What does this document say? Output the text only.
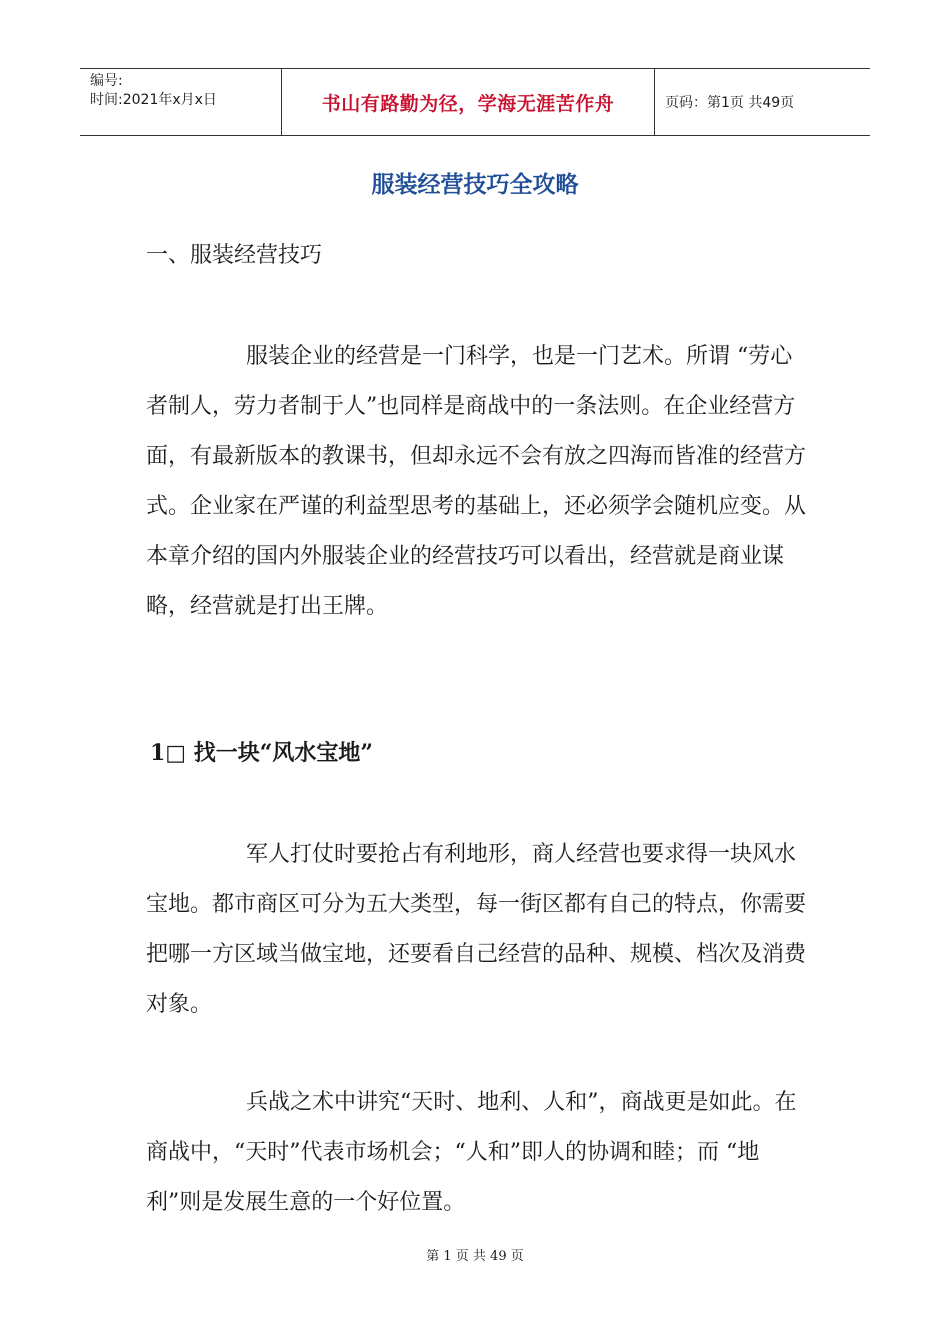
编号:
时间:2021年x月x日	书山有路勤为径，学海无涯苦作舟	页码：第1页 共49页
服装经营技巧全攻略
一、服装经营技巧

服装企业的经营是一门科学，也是一门艺术。所谓 “劳心者制人，劳力者制于人”也同样是商战中的一条法则。在企业经营方面，有最新版本的教课书，但却永远不会有放之四海而皆准的经营方式。企业家在严谨的利益型思考的基础上，还必须学会随机应变。从本章介绍的国内外服装企业的经营技巧可以看出，经营就是商业谋略，经营就是打出王牌。

1□ 找一块“风水宝地”

军人打仗时要抢占有利地形，商人经营也要求得一块风水宝地。都市商区可分为五大类型，每一街区都有自己的特点，你需要把哪一方区域当做宝地，还要看自己经营的品种、规模、档次及消费对象。

兵战之术中讲究“天时、地利、人和”，商战更是如此。在商战中，“天时”代表市场机会；“人和”即人的协调和睦；而 “地利”则是发展生意的一个好位置。

第 1 页 共 49 页
